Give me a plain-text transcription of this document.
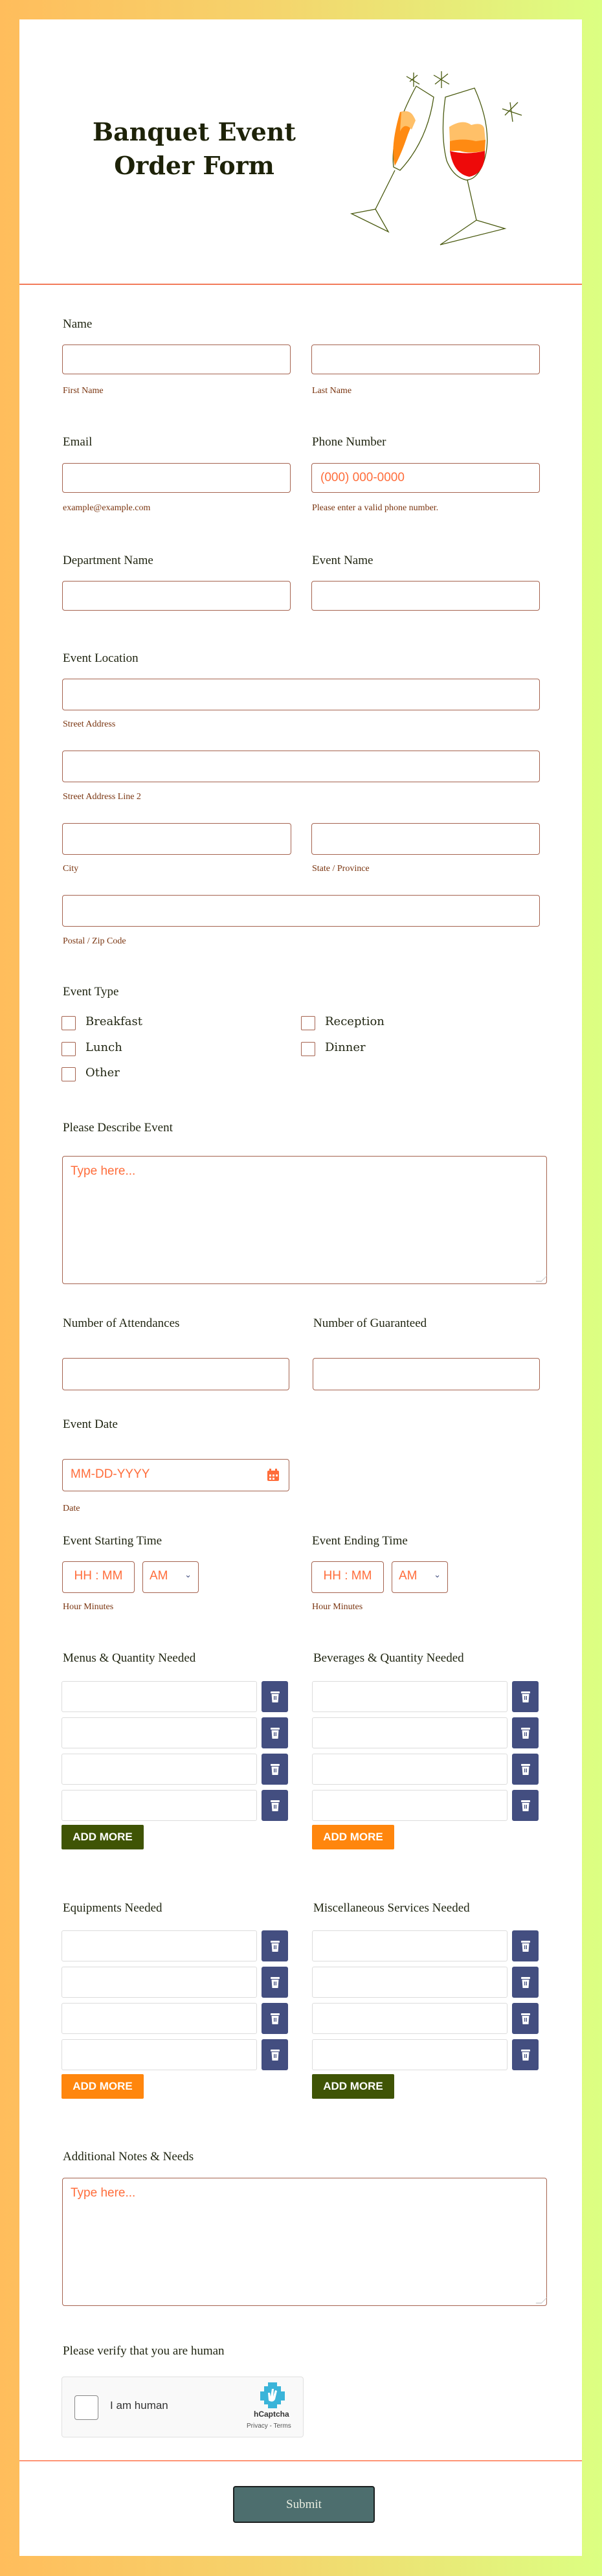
Banquet Event
Order Form
Name
First Name	Last Name
Email	Phone Number
(000) 000-0000
example@example.com	Please enter a valid phone number.
Department Name	Event Name
Event Location
Street Address
Street Address Line 2
City	State / Province
Postal / Zip Code
Event Type
Breakfast	Reception
Lunch	Dinner
Other
Please Describe Event
Type here...
Number of Attendances	Number of Guaranteed
Event Date
MM-DD-YYYY
Date
Event Starting Time	Event Ending Time
HH : MM	AM ⌄	HH : MM	AM ⌄
Hour Minutes	Hour Minutes
Menus & Quantity Needed	Beverages & Quantity Needed
ADD MORE	ADD MORE
Equipments Needed	Miscellaneous Services Needed
ADD MORE	ADD MORE
Additional Notes & Needs
Type here...
Please verify that you are human
I am human
hCaptcha
Privacy - Terms
Submit
